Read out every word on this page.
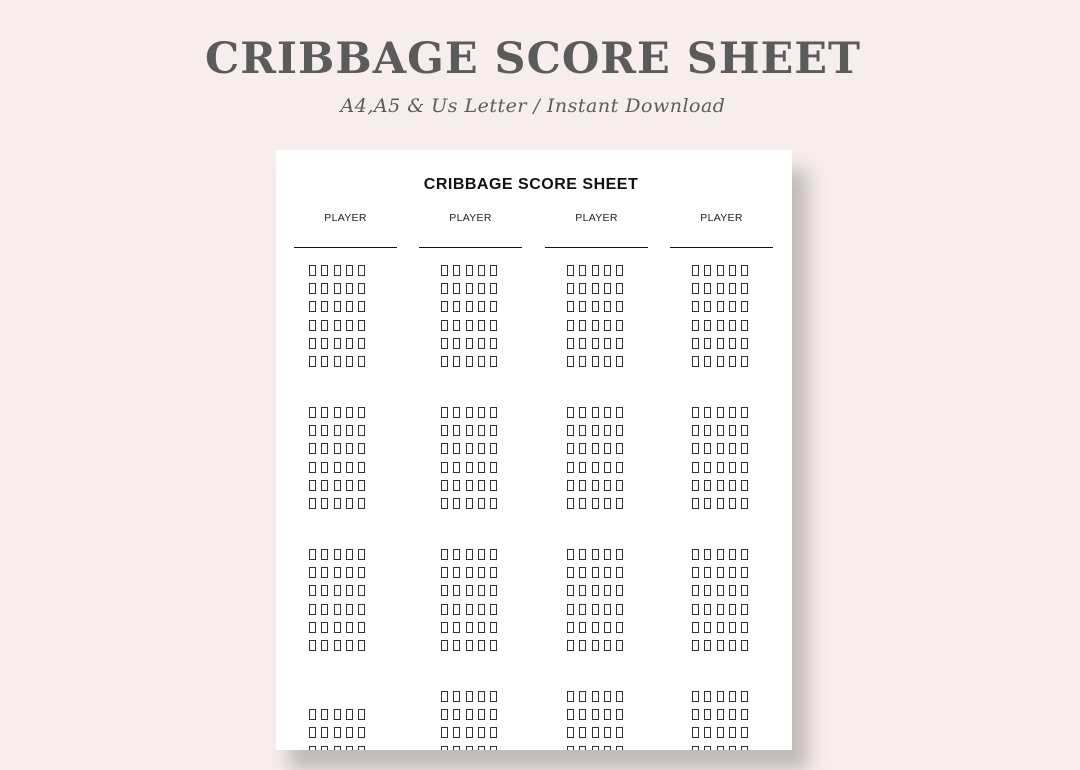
CRIBBAGE SCORE SHEET

A4,A5 & Us Letter / Instant Download

CRIBBAGE SCORE SHEET
PLAYER	PLAYER	PLAYER	PLAYER
